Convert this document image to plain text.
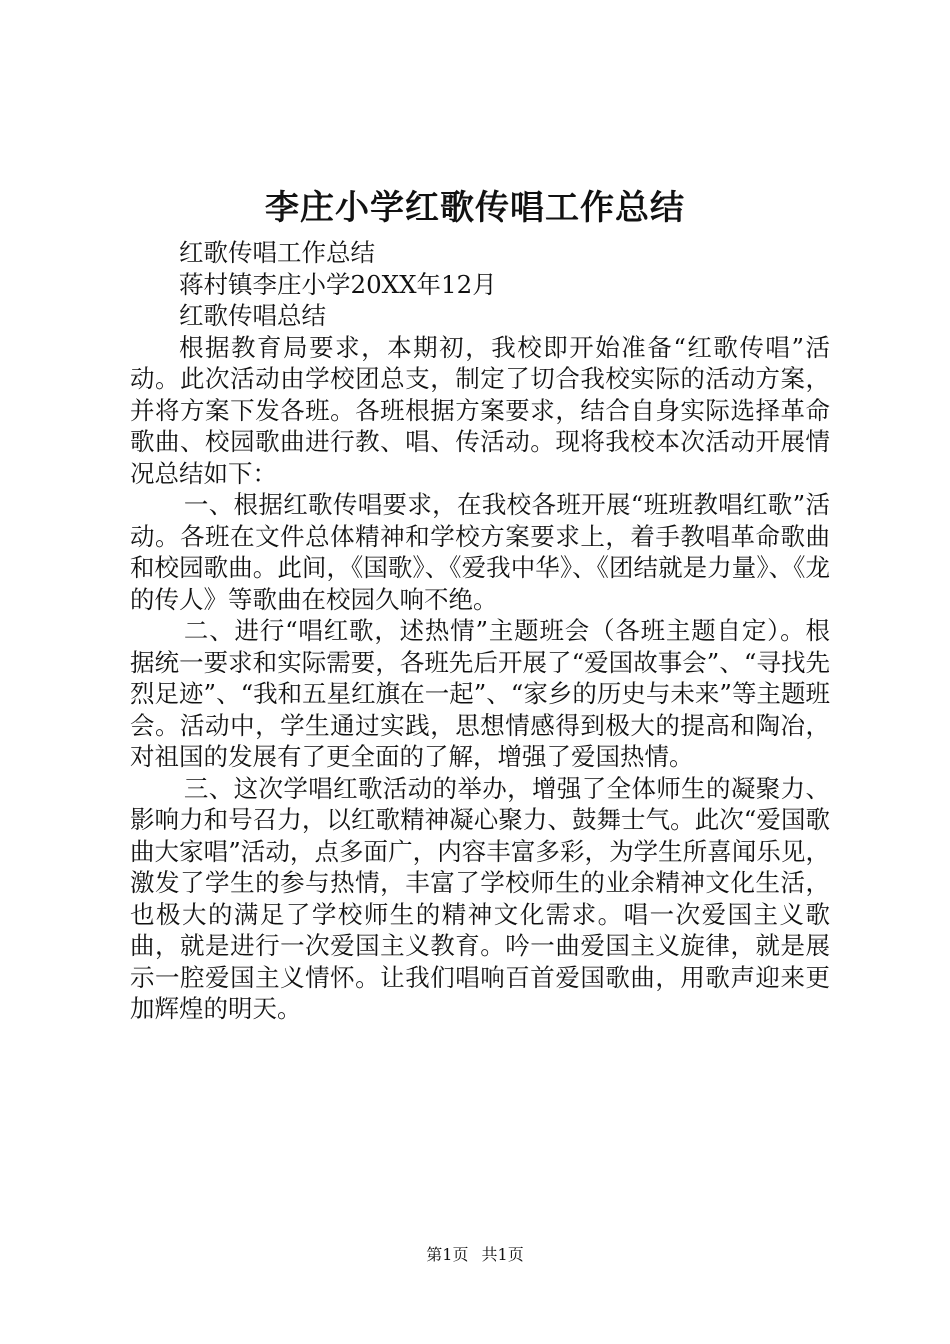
李庄小学红歌传唱工作总结

红歌传唱工作总结

蒋村镇李庄小学20XX年12月

红歌传唱总结

根据教育局要求，本期初，我校即开始准备“红歌传唱”活动。此次活动由学校团总支，制定了切合我校实际的活动方案，并将方案下发各班。各班根据方案要求，结合自身实际选择革命歌曲、校园歌曲进行教、唱、传活动。现将我校本次活动开展情况总结如下：

一、根据红歌传唱要求，在我校各班开展“班班教唱红歌”活动。各班在文件总体精神和学校方案要求上，着手教唱革命歌曲和校园歌曲。此间，《国歌》、《爱我中华》、《团结就是力量》、《龙的传人》等歌曲在校园久响不绝。

二、进行“唱红歌，述热情”主题班会（各班主题自定）。根据统一要求和实际需要，各班先后开展了“爱国故事会”、“寻找先烈足迹”、“我和五星红旗在一起”、“家乡的历史与未来”等主题班会。活动中，学生通过实践，思想情感得到极大的提高和陶冶，对祖国的发展有了更全面的了解，增强了爱国热情。

三、这次学唱红歌活动的举办，增强了全体师生的凝聚力、影响力和号召力，以红歌精神凝心聚力、鼓舞士气。此次“爱国歌曲大家唱”活动，点多面广，内容丰富多彩，为学生所喜闻乐见，激发了学生的参与热情，丰富了学校师生的业余精神文化生活，也极大的满足了学校师生的精神文化需求。唱一次爱国主义歌曲，就是进行一次爱国主义教育。吟一曲爱国主义旋律，就是展示一腔爱国主义情怀。让我们唱响百首爱国歌曲，用歌声迎来更加辉煌的明天。

第1页 共1页
